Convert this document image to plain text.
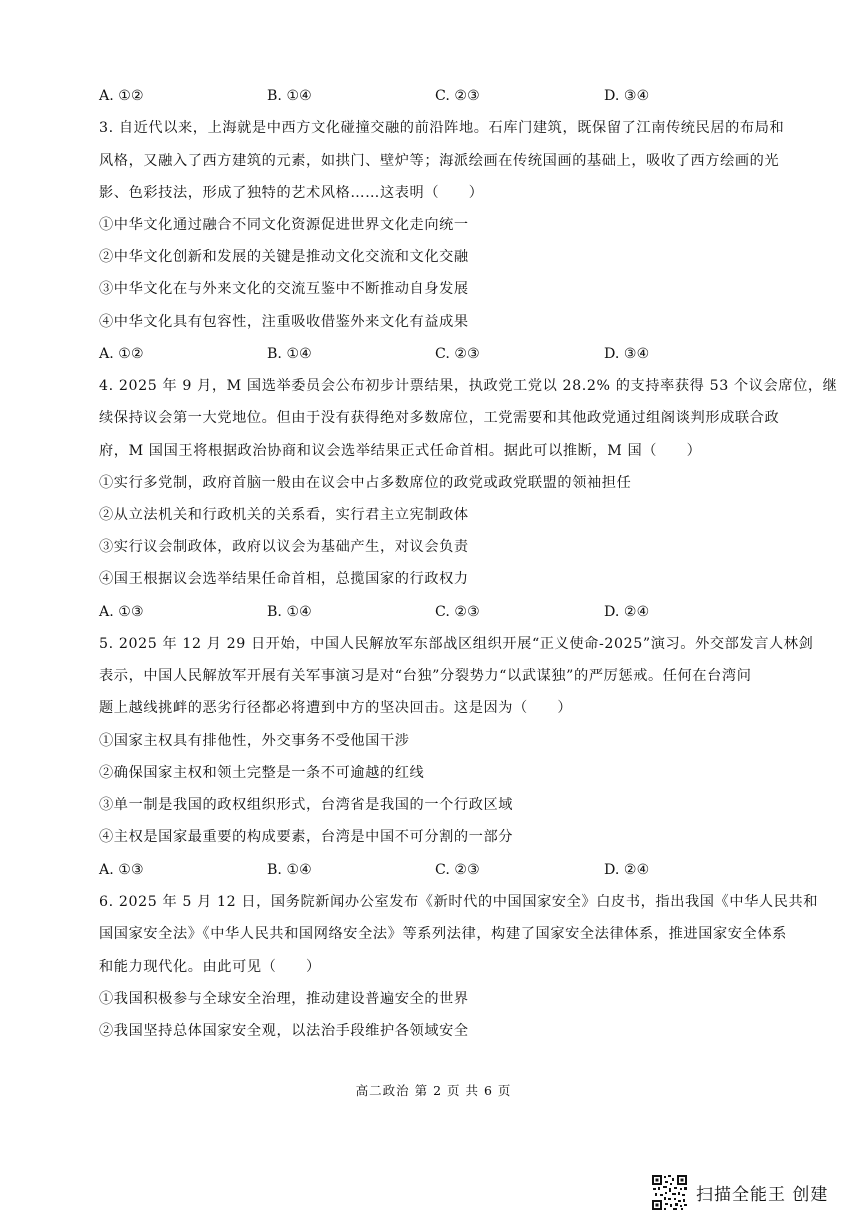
A. ①②	B. ①④	C. ②③	D. ③④
3. 自近代以来，上海就是中西方文化碰撞交融的前沿阵地。石库门建筑，既保留了江南传统民居的布局和
风格，又融入了西方建筑的元素，如拱门、壁炉等；海派绘画在传统国画的基础上，吸收了西方绘画的光
影、色彩技法，形成了独特的艺术风格……这表明（　　）
①中华文化通过融合不同文化资源促进世界文化走向统一
②中华文化创新和发展的关键是推动文化交流和文化交融
③中华文化在与外来文化的交流互鉴中不断推动自身发展
④中华文化具有包容性，注重吸收借鉴外来文化有益成果
A. ①②	B. ①④	C. ②③	D. ③④
4. 2025 年 9 月，M 国选举委员会公布初步计票结果，执政党工党以 28.2% 的支持率获得 53 个议会席位，继
续保持议会第一大党地位。但由于没有获得绝对多数席位，工党需要和其他政党通过组阁谈判形成联合政
府，M 国国王将根据政治协商和议会选举结果正式任命首相。据此可以推断，M 国（　　）
①实行多党制，政府首脑一般由在议会中占多数席位的政党或政党联盟的领袖担任
②从立法机关和行政机关的关系看，实行君主立宪制政体
③实行议会制政体，政府以议会为基础产生，对议会负责
④国王根据议会选举结果任命首相，总揽国家的行政权力
A. ①③	B. ①④	C. ②③	D. ②④
5. 2025 年 12 月 29 日开始，中国人民解放军东部战区组织开展“正义使命-2025”演习。外交部发言人林剑
表示，中国人民解放军开展有关军事演习是对“台独”分裂势力“以武谋独”的严厉惩戒。任何在台湾问
题上越线挑衅的恶劣行径都必将遭到中方的坚决回击。这是因为（　　）
①国家主权具有排他性，外交事务不受他国干涉
②确保国家主权和领土完整是一条不可逾越的红线
③单一制是我国的政权组织形式，台湾省是我国的一个行政区域
④主权是国家最重要的构成要素，台湾是中国不可分割的一部分
A. ①③	B. ①④	C. ②③	D. ②④
6. 2025 年 5 月 12 日，国务院新闻办公室发布《新时代的中国国家安全》白皮书，指出我国《中华人民共和
国国家安全法》《中华人民共和国网络安全法》等系列法律，构建了国家安全法律体系，推进国家安全体系
和能力现代化。由此可见（　　）
①我国积极参与全球安全治理，推动建设普遍安全的世界
②我国坚持总体国家安全观，以法治手段维护各领域安全
高二政治 第 2 页 共 6 页
扫描全能王 创建
